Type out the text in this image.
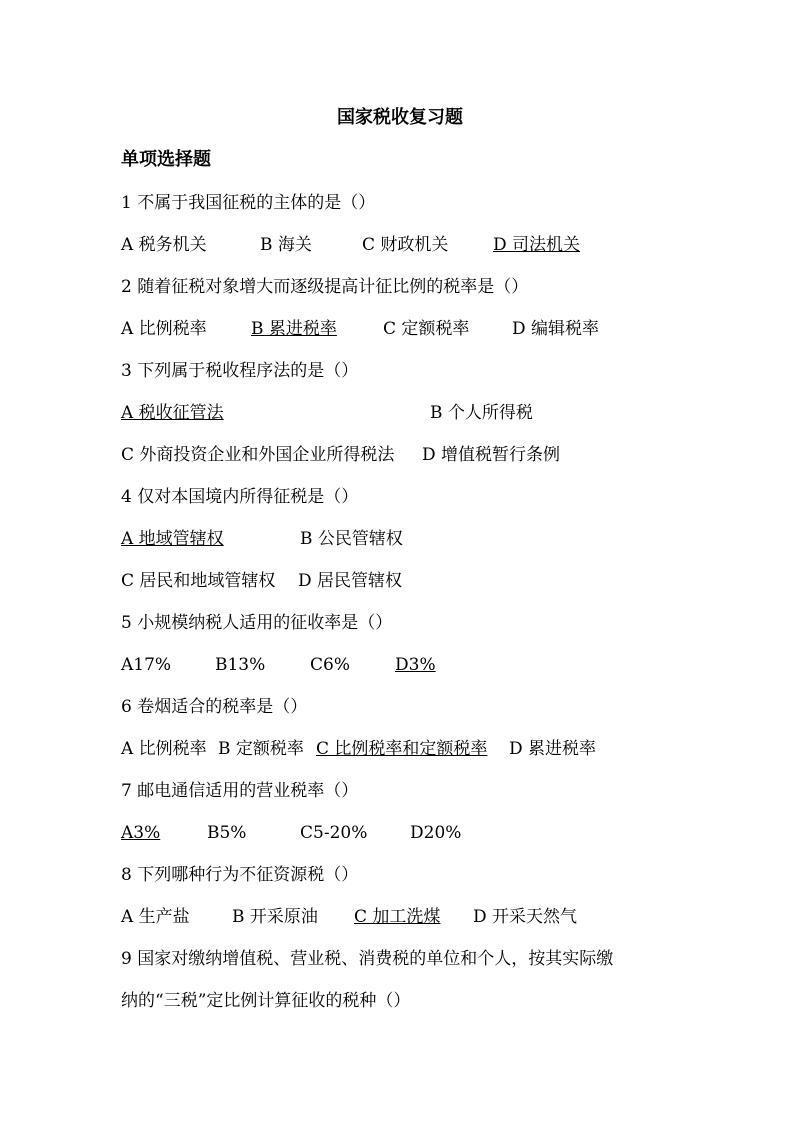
国家税收复习题
单项选择题
1 不属于我国征税的主体的是（）
A 税务机关	B 海关	C 财政机关	D 司法机关
2 随着征税对象增大而逐级提高计征比例的税率是（）
A 比例税率	B 累进税率	C 定额税率	D 编辑税率
3 下列属于税收程序法的是（）
A 税收征管法	B 个人所得税
C 外商投资企业和外国企业所得税法 D 增值税暂行条例
4 仅对本国境内所得征税是（）
A 地域管辖权	B 公民管辖权
C 居民和地域管辖权 D 居民管辖权
5 小规模纳税人适用的征收率是（）
A17%	B13%	C6%	D3%
6 卷烟适合的税率是（）
A 比例税率 B 定额税率 C 比例税率和定额税率 D 累进税率
7 邮电通信适用的营业税率（）
A3%	B5%	C5-20%	D20%
8 下列哪种行为不征资源税（）
A 生产盐 B 开采原油	C 加工洗煤 D 开采天然气
9 国家对缴纳增值税、营业税、消费税的单位和个人，按其实际缴
纳的“三税”定比例计算征收的税种（）
